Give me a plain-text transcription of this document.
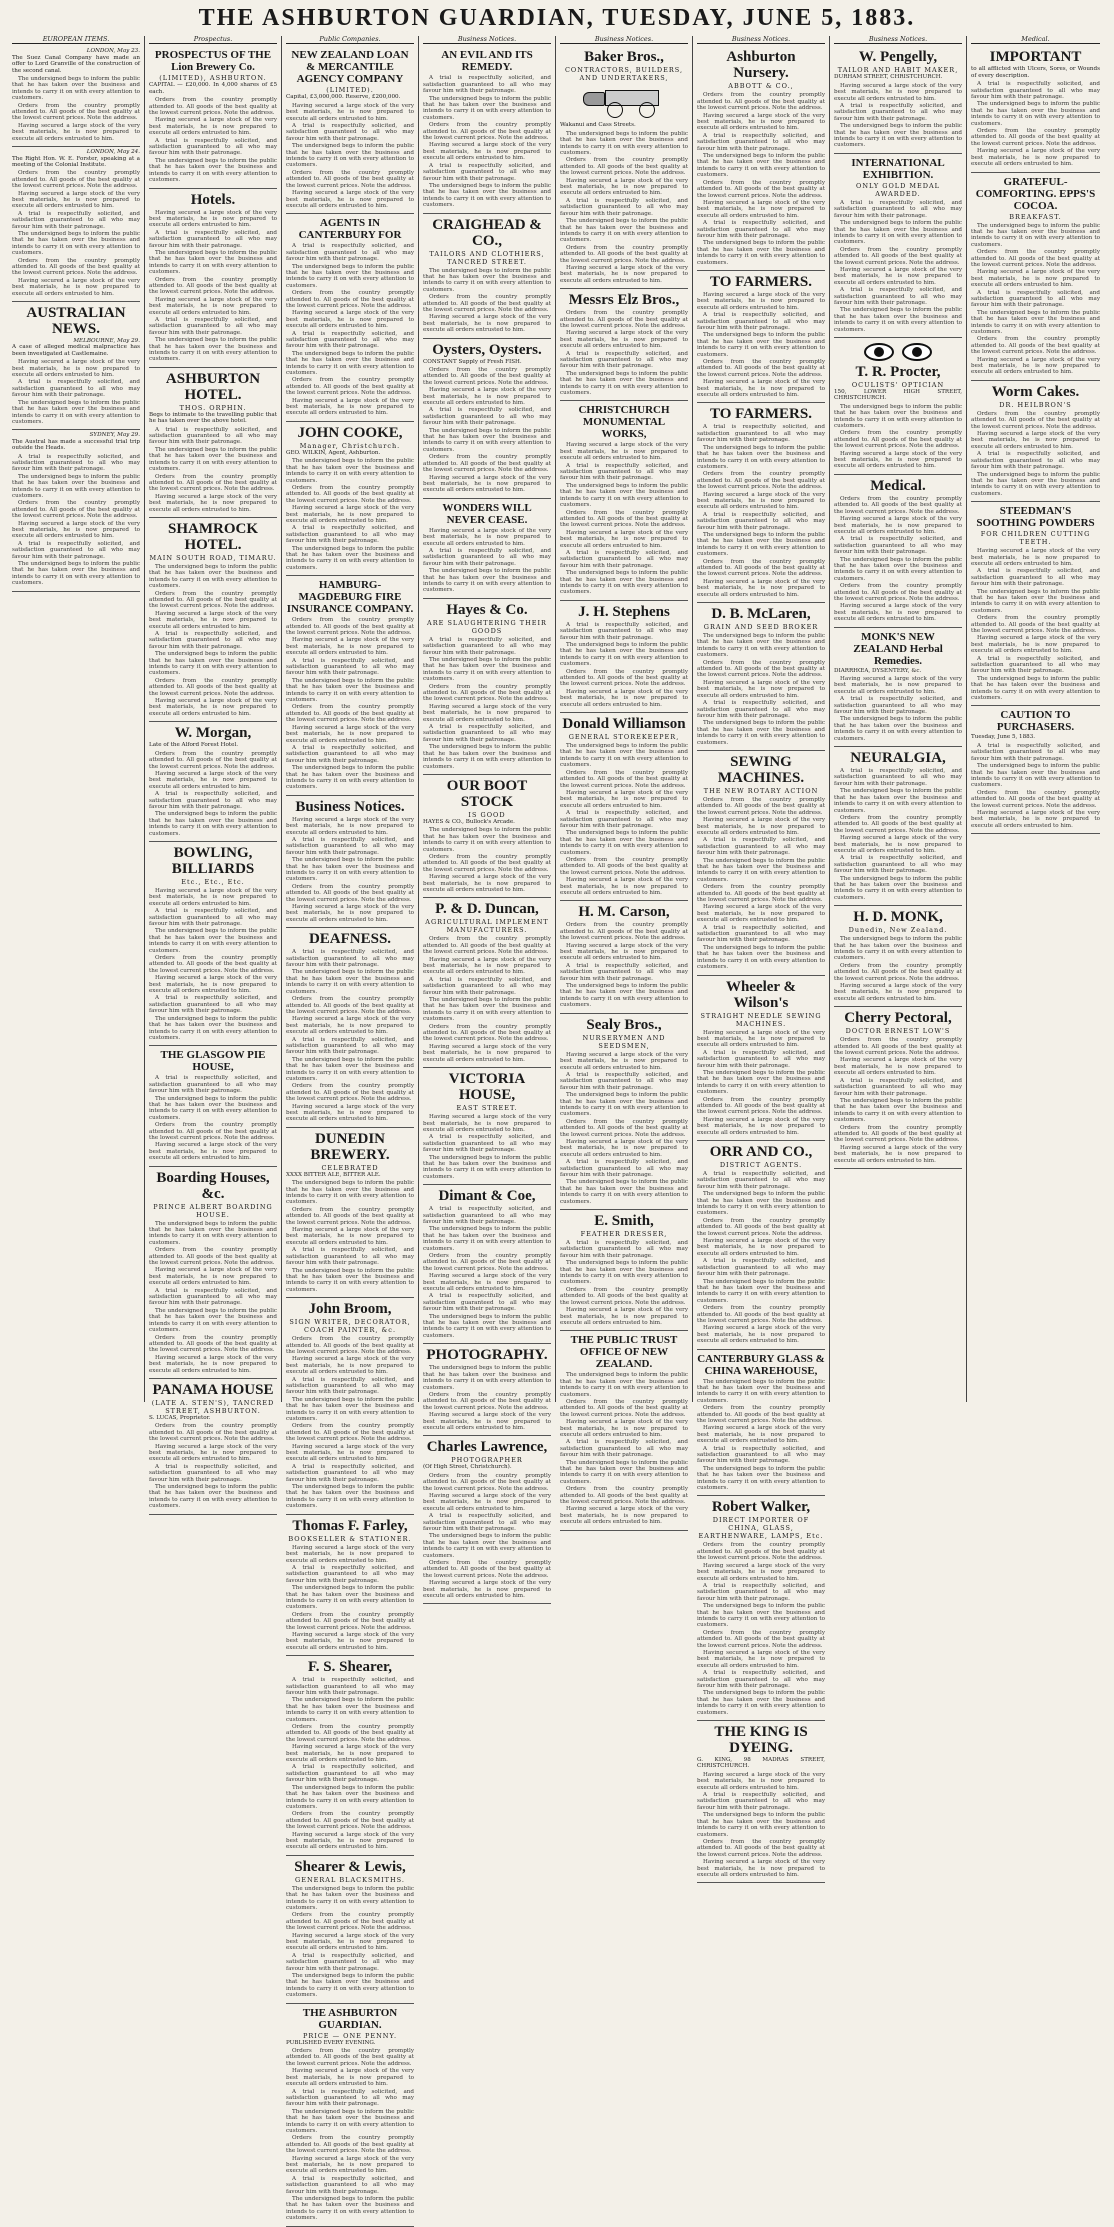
THE ASHBURTON GUARDIAN, TUESDAY, JUNE 5, 1883.
EUROPEAN ITEMS.
LONDON, May 23.
The Suez Canal Company have made an offer to Lord Granville of the construction of the second canal.

The undersigned begs to inform the public that he has taken over the business and intends to carry it on with every attention to customers.

Orders from the country promptly attended to. All goods of the best quality at the lowest current prices. Note the address.

Having secured a large stock of the very best materials, he is now prepared to execute all orders entrusted to him.

LONDON, May 24.
The Right Hon. W. E. Forster, speaking at a meeting of the Colonial Institute.

Orders from the country promptly attended to. All goods of the best quality at the lowest current prices. Note the address.

Having secured a large stock of the very best materials, he is now prepared to execute all orders entrusted to him.

A trial is respectfully solicited, and satisfaction guaranteed to all who may favour him with their patronage.

The undersigned begs to inform the public that he has taken over the business and intends to carry it on with every attention to customers.

Orders from the country promptly attended to. All goods of the best quality at the lowest current prices. Note the address.

Having secured a large stock of the very best materials, he is now prepared to execute all orders entrusted to him.

AUSTRALIAN NEWS.
MELBOURNE, May 29.
A case of alleged medical malpractice has been investigated at Castlemaine.

Having secured a large stock of the very best materials, he is now prepared to execute all orders entrusted to him.

A trial is respectfully solicited, and satisfaction guaranteed to all who may favour him with their patronage.

The undersigned begs to inform the public that he has taken over the business and intends to carry it on with every attention to customers.

SYDNEY, May 29.
The Austral has made a successful trial trip outside the Heads.

A trial is respectfully solicited, and satisfaction guaranteed to all who may favour him with their patronage.

The undersigned begs to inform the public that he has taken over the business and intends to carry it on with every attention to customers.

Orders from the country promptly attended to. All goods of the best quality at the lowest current prices. Note the address.

Having secured a large stock of the very best materials, he is now prepared to execute all orders entrusted to him.

A trial is respectfully solicited, and satisfaction guaranteed to all who may favour him with their patronage.

The undersigned begs to inform the public that he has taken over the business and intends to carry it on with every attention to customers.

Prospectus.
PROSPECTUS OF THE Lion Brewery Co.
(LIMITED), ASHBURTON.
CAPITAL — £20,000. In 4,000 shares of £5 each.

Orders from the country promptly attended to. All goods of the best quality at the lowest current prices. Note the address.

Having secured a large stock of the very best materials, he is now prepared to execute all orders entrusted to him.

A trial is respectfully solicited, and satisfaction guaranteed to all who may favour him with their patronage.

The undersigned begs to inform the public that he has taken over the business and intends to carry it on with every attention to customers.

Hotels.

Having secured a large stock of the very best materials, he is now prepared to execute all orders entrusted to him.

A trial is respectfully solicited, and satisfaction guaranteed to all who may favour him with their patronage.

The undersigned begs to inform the public that he has taken over the business and intends to carry it on with every attention to customers.

Orders from the country promptly attended to. All goods of the best quality at the lowest current prices. Note the address.

Having secured a large stock of the very best materials, he is now prepared to execute all orders entrusted to him.

A trial is respectfully solicited, and satisfaction guaranteed to all who may favour him with their patronage.

The undersigned begs to inform the public that he has taken over the business and intends to carry it on with every attention to customers.

ASHBURTON HOTEL.
THOS. ORPHIN.
Begs to intimate to the travelling public that he has taken over the above hotel.

A trial is respectfully solicited, and satisfaction guaranteed to all who may favour him with their patronage.

The undersigned begs to inform the public that he has taken over the business and intends to carry it on with every attention to customers.

Orders from the country promptly attended to. All goods of the best quality at the lowest current prices. Note the address.

Having secured a large stock of the very best materials, he is now prepared to execute all orders entrusted to him.

SHAMROCK HOTEL.
MAIN SOUTH ROAD, TIMARU.

The undersigned begs to inform the public that he has taken over the business and intends to carry it on with every attention to customers.

Orders from the country promptly attended to. All goods of the best quality at the lowest current prices. Note the address.

Having secured a large stock of the very best materials, he is now prepared to execute all orders entrusted to him.

A trial is respectfully solicited, and satisfaction guaranteed to all who may favour him with their patronage.

The undersigned begs to inform the public that he has taken over the business and intends to carry it on with every attention to customers.

Orders from the country promptly attended to. All goods of the best quality at the lowest current prices. Note the address.

Having secured a large stock of the very best materials, he is now prepared to execute all orders entrusted to him.

W. Morgan,
Late of the Alford Forest Hotel.

Orders from the country promptly attended to. All goods of the best quality at the lowest current prices. Note the address.

Having secured a large stock of the very best materials, he is now prepared to execute all orders entrusted to him.

A trial is respectfully solicited, and satisfaction guaranteed to all who may favour him with their patronage.

The undersigned begs to inform the public that he has taken over the business and intends to carry it on with every attention to customers.

BOWLING, BILLIARDS
Etc., Etc., Etc.

Having secured a large stock of the very best materials, he is now prepared to execute all orders entrusted to him.

A trial is respectfully solicited, and satisfaction guaranteed to all who may favour him with their patronage.

The undersigned begs to inform the public that he has taken over the business and intends to carry it on with every attention to customers.

Orders from the country promptly attended to. All goods of the best quality at the lowest current prices. Note the address.

Having secured a large stock of the very best materials, he is now prepared to execute all orders entrusted to him.

A trial is respectfully solicited, and satisfaction guaranteed to all who may favour him with their patronage.

The undersigned begs to inform the public that he has taken over the business and intends to carry it on with every attention to customers.

THE GLASGOW PIE HOUSE,

A trial is respectfully solicited, and satisfaction guaranteed to all who may favour him with their patronage.

The undersigned begs to inform the public that he has taken over the business and intends to carry it on with every attention to customers.

Orders from the country promptly attended to. All goods of the best quality at the lowest current prices. Note the address.

Having secured a large stock of the very best materials, he is now prepared to execute all orders entrusted to him.

Boarding Houses, &c.
PRINCE ALBERT BOARDING HOUSE.

The undersigned begs to inform the public that he has taken over the business and intends to carry it on with every attention to customers.

Orders from the country promptly attended to. All goods of the best quality at the lowest current prices. Note the address.

Having secured a large stock of the very best materials, he is now prepared to execute all orders entrusted to him.

A trial is respectfully solicited, and satisfaction guaranteed to all who may favour him with their patronage.

The undersigned begs to inform the public that he has taken over the business and intends to carry it on with every attention to customers.

Orders from the country promptly attended to. All goods of the best quality at the lowest current prices. Note the address.

Having secured a large stock of the very best materials, he is now prepared to execute all orders entrusted to him.

PANAMA HOUSE
(LATE A. STEN'S), TANCRED STREET, ASHBURTON.
S. LUCAS, Proprietor.

Orders from the country promptly attended to. All goods of the best quality at the lowest current prices. Note the address.

Having secured a large stock of the very best materials, he is now prepared to execute all orders entrusted to him.

A trial is respectfully solicited, and satisfaction guaranteed to all who may favour him with their patronage.

The undersigned begs to inform the public that he has taken over the business and intends to carry it on with every attention to customers.

Public Companies.
NEW ZEALAND LOAN & MERCANTILE AGENCY COMPANY
(LIMITED).
Capital, £3,000,000. Reserve, £200,000.

Having secured a large stock of the very best materials, he is now prepared to execute all orders entrusted to him.

A trial is respectfully solicited, and satisfaction guaranteed to all who may favour him with their patronage.

The undersigned begs to inform the public that he has taken over the business and intends to carry it on with every attention to customers.

Orders from the country promptly attended to. All goods of the best quality at the lowest current prices. Note the address.

Having secured a large stock of the very best materials, he is now prepared to execute all orders entrusted to him.

AGENTS IN CANTERBURY FOR

A trial is respectfully solicited, and satisfaction guaranteed to all who may favour him with their patronage.

The undersigned begs to inform the public that he has taken over the business and intends to carry it on with every attention to customers.

Orders from the country promptly attended to. All goods of the best quality at the lowest current prices. Note the address.

Having secured a large stock of the very best materials, he is now prepared to execute all orders entrusted to him.

A trial is respectfully solicited, and satisfaction guaranteed to all who may favour him with their patronage.

The undersigned begs to inform the public that he has taken over the business and intends to carry it on with every attention to customers.

Orders from the country promptly attended to. All goods of the best quality at the lowest current prices. Note the address.

Having secured a large stock of the very best materials, he is now prepared to execute all orders entrusted to him.

JOHN COOKE,
Manager, Christchurch.
GEO. WILKIN, Agent, Ashburton.

The undersigned begs to inform the public that he has taken over the business and intends to carry it on with every attention to customers.

Orders from the country promptly attended to. All goods of the best quality at the lowest current prices. Note the address.

Having secured a large stock of the very best materials, he is now prepared to execute all orders entrusted to him.

A trial is respectfully solicited, and satisfaction guaranteed to all who may favour him with their patronage.

The undersigned begs to inform the public that he has taken over the business and intends to carry it on with every attention to customers.

HAMBURG-MAGDEBURG FIRE INSURANCE COMPANY.

Orders from the country promptly attended to. All goods of the best quality at the lowest current prices. Note the address.

Having secured a large stock of the very best materials, he is now prepared to execute all orders entrusted to him.

A trial is respectfully solicited, and satisfaction guaranteed to all who may favour him with their patronage.

The undersigned begs to inform the public that he has taken over the business and intends to carry it on with every attention to customers.

Orders from the country promptly attended to. All goods of the best quality at the lowest current prices. Note the address.

Having secured a large stock of the very best materials, he is now prepared to execute all orders entrusted to him.

A trial is respectfully solicited, and satisfaction guaranteed to all who may favour him with their patronage.

The undersigned begs to inform the public that he has taken over the business and intends to carry it on with every attention to customers.

Business Notices.

Having secured a large stock of the very best materials, he is now prepared to execute all orders entrusted to him.

A trial is respectfully solicited, and satisfaction guaranteed to all who may favour him with their patronage.

The undersigned begs to inform the public that he has taken over the business and intends to carry it on with every attention to customers.

Orders from the country promptly attended to. All goods of the best quality at the lowest current prices. Note the address.

Having secured a large stock of the very best materials, he is now prepared to execute all orders entrusted to him.

DEAFNESS.

A trial is respectfully solicited, and satisfaction guaranteed to all who may favour him with their patronage.

The undersigned begs to inform the public that he has taken over the business and intends to carry it on with every attention to customers.

Orders from the country promptly attended to. All goods of the best quality at the lowest current prices. Note the address.

Having secured a large stock of the very best materials, he is now prepared to execute all orders entrusted to him.

A trial is respectfully solicited, and satisfaction guaranteed to all who may favour him with their patronage.

The undersigned begs to inform the public that he has taken over the business and intends to carry it on with every attention to customers.

Orders from the country promptly attended to. All goods of the best quality at the lowest current prices. Note the address.

Having secured a large stock of the very best materials, he is now prepared to execute all orders entrusted to him.

DUNEDIN BREWERY.
CELEBRATED
XXXX BITTER ALE, BITTER ALE.

The undersigned begs to inform the public that he has taken over the business and intends to carry it on with every attention to customers.

Orders from the country promptly attended to. All goods of the best quality at the lowest current prices. Note the address.

Having secured a large stock of the very best materials, he is now prepared to execute all orders entrusted to him.

A trial is respectfully solicited, and satisfaction guaranteed to all who may favour him with their patronage.

The undersigned begs to inform the public that he has taken over the business and intends to carry it on with every attention to customers.

John Broom,
SIGN WRITER, DECORATOR, COACH PAINTER, &c.

Orders from the country promptly attended to. All goods of the best quality at the lowest current prices. Note the address.

Having secured a large stock of the very best materials, he is now prepared to execute all orders entrusted to him.

A trial is respectfully solicited, and satisfaction guaranteed to all who may favour him with their patronage.

The undersigned begs to inform the public that he has taken over the business and intends to carry it on with every attention to customers.

Orders from the country promptly attended to. All goods of the best quality at the lowest current prices. Note the address.

Having secured a large stock of the very best materials, he is now prepared to execute all orders entrusted to him.

A trial is respectfully solicited, and satisfaction guaranteed to all who may favour him with their patronage.

The undersigned begs to inform the public that he has taken over the business and intends to carry it on with every attention to customers.

Thomas F. Farley,
BOOKSELLER & STATIONER.

Having secured a large stock of the very best materials, he is now prepared to execute all orders entrusted to him.

A trial is respectfully solicited, and satisfaction guaranteed to all who may favour him with their patronage.

The undersigned begs to inform the public that he has taken over the business and intends to carry it on with every attention to customers.

Orders from the country promptly attended to. All goods of the best quality at the lowest current prices. Note the address.

Having secured a large stock of the very best materials, he is now prepared to execute all orders entrusted to him.

F. S. Shearer,

A trial is respectfully solicited, and satisfaction guaranteed to all who may favour him with their patronage.

The undersigned begs to inform the public that he has taken over the business and intends to carry it on with every attention to customers.

Orders from the country promptly attended to. All goods of the best quality at the lowest current prices. Note the address.

Having secured a large stock of the very best materials, he is now prepared to execute all orders entrusted to him.

A trial is respectfully solicited, and satisfaction guaranteed to all who may favour him with their patronage.

The undersigned begs to inform the public that he has taken over the business and intends to carry it on with every attention to customers.

Orders from the country promptly attended to. All goods of the best quality at the lowest current prices. Note the address.

Having secured a large stock of the very best materials, he is now prepared to execute all orders entrusted to him.

Shearer & Lewis,
GENERAL BLACKSMITHS.

The undersigned begs to inform the public that he has taken over the business and intends to carry it on with every attention to customers.

Orders from the country promptly attended to. All goods of the best quality at the lowest current prices. Note the address.

Having secured a large stock of the very best materials, he is now prepared to execute all orders entrusted to him.

A trial is respectfully solicited, and satisfaction guaranteed to all who may favour him with their patronage.

The undersigned begs to inform the public that he has taken over the business and intends to carry it on with every attention to customers.

THE ASHBURTON GUARDIAN.
PRICE — ONE PENNY.
PUBLISHED EVERY EVENING.

Orders from the country promptly attended to. All goods of the best quality at the lowest current prices. Note the address.

Having secured a large stock of the very best materials, he is now prepared to execute all orders entrusted to him.

A trial is respectfully solicited, and satisfaction guaranteed to all who may favour him with their patronage.

The undersigned begs to inform the public that he has taken over the business and intends to carry it on with every attention to customers.

Orders from the country promptly attended to. All goods of the best quality at the lowest current prices. Note the address.

Having secured a large stock of the very best materials, he is now prepared to execute all orders entrusted to him.

A trial is respectfully solicited, and satisfaction guaranteed to all who may favour him with their patronage.

The undersigned begs to inform the public that he has taken over the business and intends to carry it on with every attention to customers.

Business Notices.
AN EVIL AND ITS REMEDY.

A trial is respectfully solicited, and satisfaction guaranteed to all who may favour him with their patronage.

The undersigned begs to inform the public that he has taken over the business and intends to carry it on with every attention to customers.

Orders from the country promptly attended to. All goods of the best quality at the lowest current prices. Note the address.

Having secured a large stock of the very best materials, he is now prepared to execute all orders entrusted to him.

A trial is respectfully solicited, and satisfaction guaranteed to all who may favour him with their patronage.

The undersigned begs to inform the public that he has taken over the business and intends to carry it on with every attention to customers.

CRAIGHEAD & CO.,
TAILORS AND CLOTHIERS, TANCRED STREET.

The undersigned begs to inform the public that he has taken over the business and intends to carry it on with every attention to customers.

Orders from the country promptly attended to. All goods of the best quality at the lowest current prices. Note the address.

Having secured a large stock of the very best materials, he is now prepared to execute all orders entrusted to him.

Oysters, Oysters.
CONSTANT Supply of Fresh FISH.

Orders from the country promptly attended to. All goods of the best quality at the lowest current prices. Note the address.

Having secured a large stock of the very best materials, he is now prepared to execute all orders entrusted to him.

A trial is respectfully solicited, and satisfaction guaranteed to all who may favour him with their patronage.

The undersigned begs to inform the public that he has taken over the business and intends to carry it on with every attention to customers.

Orders from the country promptly attended to. All goods of the best quality at the lowest current prices. Note the address.

Having secured a large stock of the very best materials, he is now prepared to execute all orders entrusted to him.

WONDERS WILL NEVER CEASE.

Having secured a large stock of the very best materials, he is now prepared to execute all orders entrusted to him.

A trial is respectfully solicited, and satisfaction guaranteed to all who may favour him with their patronage.

The undersigned begs to inform the public that he has taken over the business and intends to carry it on with every attention to customers.

Hayes & Co.
ARE SLAUGHTERING THEIR GOODS

A trial is respectfully solicited, and satisfaction guaranteed to all who may favour him with their patronage.

The undersigned begs to inform the public that he has taken over the business and intends to carry it on with every attention to customers.

Orders from the country promptly attended to. All goods of the best quality at the lowest current prices. Note the address.

Having secured a large stock of the very best materials, he is now prepared to execute all orders entrusted to him.

A trial is respectfully solicited, and satisfaction guaranteed to all who may favour him with their patronage.

The undersigned begs to inform the public that he has taken over the business and intends to carry it on with every attention to customers.

OUR BOOT STOCK
IS GOOD
HAYES & CO., Bullock's Arcade.

The undersigned begs to inform the public that he has taken over the business and intends to carry it on with every attention to customers.

Orders from the country promptly attended to. All goods of the best quality at the lowest current prices. Note the address.

Having secured a large stock of the very best materials, he is now prepared to execute all orders entrusted to him.

P. & D. Duncan,
AGRICULTURAL IMPLEMENT MANUFACTURERS.

Orders from the country promptly attended to. All goods of the best quality at the lowest current prices. Note the address.

Having secured a large stock of the very best materials, he is now prepared to execute all orders entrusted to him.

A trial is respectfully solicited, and satisfaction guaranteed to all who may favour him with their patronage.

The undersigned begs to inform the public that he has taken over the business and intends to carry it on with every attention to customers.

Orders from the country promptly attended to. All goods of the best quality at the lowest current prices. Note the address.

Having secured a large stock of the very best materials, he is now prepared to execute all orders entrusted to him.

VICTORIA HOUSE,
EAST STREET.

Having secured a large stock of the very best materials, he is now prepared to execute all orders entrusted to him.

A trial is respectfully solicited, and satisfaction guaranteed to all who may favour him with their patronage.

The undersigned begs to inform the public that he has taken over the business and intends to carry it on with every attention to customers.

Dimant & Coe,

A trial is respectfully solicited, and satisfaction guaranteed to all who may favour him with their patronage.

The undersigned begs to inform the public that he has taken over the business and intends to carry it on with every attention to customers.

Orders from the country promptly attended to. All goods of the best quality at the lowest current prices. Note the address.

Having secured a large stock of the very best materials, he is now prepared to execute all orders entrusted to him.

A trial is respectfully solicited, and satisfaction guaranteed to all who may favour him with their patronage.

The undersigned begs to inform the public that he has taken over the business and intends to carry it on with every attention to customers.

PHOTOGRAPHY.

The undersigned begs to inform the public that he has taken over the business and intends to carry it on with every attention to customers.

Orders from the country promptly attended to. All goods of the best quality at the lowest current prices. Note the address.

Having secured a large stock of the very best materials, he is now prepared to execute all orders entrusted to him.

Charles Lawrence,
PHOTOGRAPHER
(Of High Street, Christchurch).

Orders from the country promptly attended to. All goods of the best quality at the lowest current prices. Note the address.

Having secured a large stock of the very best materials, he is now prepared to execute all orders entrusted to him.

A trial is respectfully solicited, and satisfaction guaranteed to all who may favour him with their patronage.

The undersigned begs to inform the public that he has taken over the business and intends to carry it on with every attention to customers.

Orders from the country promptly attended to. All goods of the best quality at the lowest current prices. Note the address.

Having secured a large stock of the very best materials, he is now prepared to execute all orders entrusted to him.

Business Notices.
Baker Bros.,
CONTRACTORS, BUILDERS, AND UNDERTAKERS,
Wakanui and Cass Streets.

The undersigned begs to inform the public that he has taken over the business and intends to carry it on with every attention to customers.

Orders from the country promptly attended to. All goods of the best quality at the lowest current prices. Note the address.

Having secured a large stock of the very best materials, he is now prepared to execute all orders entrusted to him.

A trial is respectfully solicited, and satisfaction guaranteed to all who may favour him with their patronage.

The undersigned begs to inform the public that he has taken over the business and intends to carry it on with every attention to customers.

Orders from the country promptly attended to. All goods of the best quality at the lowest current prices. Note the address.

Having secured a large stock of the very best materials, he is now prepared to execute all orders entrusted to him.

Messrs Elz Bros.,

Orders from the country promptly attended to. All goods of the best quality at the lowest current prices. Note the address.

Having secured a large stock of the very best materials, he is now prepared to execute all orders entrusted to him.

A trial is respectfully solicited, and satisfaction guaranteed to all who may favour him with their patronage.

The undersigned begs to inform the public that he has taken over the business and intends to carry it on with every attention to customers.

CHRISTCHURCH MONUMENTAL WORKS,

Having secured a large stock of the very best materials, he is now prepared to execute all orders entrusted to him.

A trial is respectfully solicited, and satisfaction guaranteed to all who may favour him with their patronage.

The undersigned begs to inform the public that he has taken over the business and intends to carry it on with every attention to customers.

Orders from the country promptly attended to. All goods of the best quality at the lowest current prices. Note the address.

Having secured a large stock of the very best materials, he is now prepared to execute all orders entrusted to him.

A trial is respectfully solicited, and satisfaction guaranteed to all who may favour him with their patronage.

The undersigned begs to inform the public that he has taken over the business and intends to carry it on with every attention to customers.

J. H. Stephens

A trial is respectfully solicited, and satisfaction guaranteed to all who may favour him with their patronage.

The undersigned begs to inform the public that he has taken over the business and intends to carry it on with every attention to customers.

Orders from the country promptly attended to. All goods of the best quality at the lowest current prices. Note the address.

Having secured a large stock of the very best materials, he is now prepared to execute all orders entrusted to him.

Donald Williamson
GENERAL STOREKEEPER,

The undersigned begs to inform the public that he has taken over the business and intends to carry it on with every attention to customers.

Orders from the country promptly attended to. All goods of the best quality at the lowest current prices. Note the address.

Having secured a large stock of the very best materials, he is now prepared to execute all orders entrusted to him.

A trial is respectfully solicited, and satisfaction guaranteed to all who may favour him with their patronage.

The undersigned begs to inform the public that he has taken over the business and intends to carry it on with every attention to customers.

Orders from the country promptly attended to. All goods of the best quality at the lowest current prices. Note the address.

Having secured a large stock of the very best materials, he is now prepared to execute all orders entrusted to him.

H. M. Carson,

Orders from the country promptly attended to. All goods of the best quality at the lowest current prices. Note the address.

Having secured a large stock of the very best materials, he is now prepared to execute all orders entrusted to him.

A trial is respectfully solicited, and satisfaction guaranteed to all who may favour him with their patronage.

The undersigned begs to inform the public that he has taken over the business and intends to carry it on with every attention to customers.

Sealy Bros.,
NURSERYMEN AND SEEDSMEN,

Having secured a large stock of the very best materials, he is now prepared to execute all orders entrusted to him.

A trial is respectfully solicited, and satisfaction guaranteed to all who may favour him with their patronage.

The undersigned begs to inform the public that he has taken over the business and intends to carry it on with every attention to customers.

Orders from the country promptly attended to. All goods of the best quality at the lowest current prices. Note the address.

Having secured a large stock of the very best materials, he is now prepared to execute all orders entrusted to him.

A trial is respectfully solicited, and satisfaction guaranteed to all who may favour him with their patronage.

The undersigned begs to inform the public that he has taken over the business and intends to carry it on with every attention to customers.

E. Smith,
FEATHER DRESSER,

A trial is respectfully solicited, and satisfaction guaranteed to all who may favour him with their patronage.

The undersigned begs to inform the public that he has taken over the business and intends to carry it on with every attention to customers.

Orders from the country promptly attended to. All goods of the best quality at the lowest current prices. Note the address.

Having secured a large stock of the very best materials, he is now prepared to execute all orders entrusted to him.

THE PUBLIC TRUST OFFICE OF NEW ZEALAND.

The undersigned begs to inform the public that he has taken over the business and intends to carry it on with every attention to customers.

Orders from the country promptly attended to. All goods of the best quality at the lowest current prices. Note the address.

Having secured a large stock of the very best materials, he is now prepared to execute all orders entrusted to him.

A trial is respectfully solicited, and satisfaction guaranteed to all who may favour him with their patronage.

The undersigned begs to inform the public that he has taken over the business and intends to carry it on with every attention to customers.

Orders from the country promptly attended to. All goods of the best quality at the lowest current prices. Note the address.

Having secured a large stock of the very best materials, he is now prepared to execute all orders entrusted to him.

Business Notices.
Ashburton Nursery.
ABBOTT & CO.,

Orders from the country promptly attended to. All goods of the best quality at the lowest current prices. Note the address.

Having secured a large stock of the very best materials, he is now prepared to execute all orders entrusted to him.

A trial is respectfully solicited, and satisfaction guaranteed to all who may favour him with their patronage.

The undersigned begs to inform the public that he has taken over the business and intends to carry it on with every attention to customers.

Orders from the country promptly attended to. All goods of the best quality at the lowest current prices. Note the address.

Having secured a large stock of the very best materials, he is now prepared to execute all orders entrusted to him.

A trial is respectfully solicited, and satisfaction guaranteed to all who may favour him with their patronage.

The undersigned begs to inform the public that he has taken over the business and intends to carry it on with every attention to customers.

TO FARMERS.

Having secured a large stock of the very best materials, he is now prepared to execute all orders entrusted to him.

A trial is respectfully solicited, and satisfaction guaranteed to all who may favour him with their patronage.

The undersigned begs to inform the public that he has taken over the business and intends to carry it on with every attention to customers.

Orders from the country promptly attended to. All goods of the best quality at the lowest current prices. Note the address.

Having secured a large stock of the very best materials, he is now prepared to execute all orders entrusted to him.

TO FARMERS.

A trial is respectfully solicited, and satisfaction guaranteed to all who may favour him with their patronage.

The undersigned begs to inform the public that he has taken over the business and intends to carry it on with every attention to customers.

Orders from the country promptly attended to. All goods of the best quality at the lowest current prices. Note the address.

Having secured a large stock of the very best materials, he is now prepared to execute all orders entrusted to him.

A trial is respectfully solicited, and satisfaction guaranteed to all who may favour him with their patronage.

The undersigned begs to inform the public that he has taken over the business and intends to carry it on with every attention to customers.

Orders from the country promptly attended to. All goods of the best quality at the lowest current prices. Note the address.

Having secured a large stock of the very best materials, he is now prepared to execute all orders entrusted to him.

D. B. McLaren,
GRAIN AND SEED BROKER

The undersigned begs to inform the public that he has taken over the business and intends to carry it on with every attention to customers.

Orders from the country promptly attended to. All goods of the best quality at the lowest current prices. Note the address.

Having secured a large stock of the very best materials, he is now prepared to execute all orders entrusted to him.

A trial is respectfully solicited, and satisfaction guaranteed to all who may favour him with their patronage.

The undersigned begs to inform the public that he has taken over the business and intends to carry it on with every attention to customers.

SEWING MACHINES.
THE NEW ROTARY ACTION

Orders from the country promptly attended to. All goods of the best quality at the lowest current prices. Note the address.

Having secured a large stock of the very best materials, he is now prepared to execute all orders entrusted to him.

A trial is respectfully solicited, and satisfaction guaranteed to all who may favour him with their patronage.

The undersigned begs to inform the public that he has taken over the business and intends to carry it on with every attention to customers.

Orders from the country promptly attended to. All goods of the best quality at the lowest current prices. Note the address.

Having secured a large stock of the very best materials, he is now prepared to execute all orders entrusted to him.

A trial is respectfully solicited, and satisfaction guaranteed to all who may favour him with their patronage.

The undersigned begs to inform the public that he has taken over the business and intends to carry it on with every attention to customers.

Wheeler & Wilson's
STRAIGHT NEEDLE SEWING MACHINES.

Having secured a large stock of the very best materials, he is now prepared to execute all orders entrusted to him.

A trial is respectfully solicited, and satisfaction guaranteed to all who may favour him with their patronage.

The undersigned begs to inform the public that he has taken over the business and intends to carry it on with every attention to customers.

Orders from the country promptly attended to. All goods of the best quality at the lowest current prices. Note the address.

Having secured a large stock of the very best materials, he is now prepared to execute all orders entrusted to him.

ORR AND CO.,
DISTRICT AGENTS.

A trial is respectfully solicited, and satisfaction guaranteed to all who may favour him with their patronage.

The undersigned begs to inform the public that he has taken over the business and intends to carry it on with every attention to customers.

Orders from the country promptly attended to. All goods of the best quality at the lowest current prices. Note the address.

Having secured a large stock of the very best materials, he is now prepared to execute all orders entrusted to him.

A trial is respectfully solicited, and satisfaction guaranteed to all who may favour him with their patronage.

The undersigned begs to inform the public that he has taken over the business and intends to carry it on with every attention to customers.

Orders from the country promptly attended to. All goods of the best quality at the lowest current prices. Note the address.

Having secured a large stock of the very best materials, he is now prepared to execute all orders entrusted to him.

CANTERBURY GLASS & CHINA WAREHOUSE,

The undersigned begs to inform the public that he has taken over the business and intends to carry it on with every attention to customers.

Orders from the country promptly attended to. All goods of the best quality at the lowest current prices. Note the address.

Having secured a large stock of the very best materials, he is now prepared to execute all orders entrusted to him.

A trial is respectfully solicited, and satisfaction guaranteed to all who may favour him with their patronage.

The undersigned begs to inform the public that he has taken over the business and intends to carry it on with every attention to customers.

Robert Walker,
DIRECT IMPORTER OF CHINA, GLASS, EARTHENWARE, LAMPS, Etc.

Orders from the country promptly attended to. All goods of the best quality at the lowest current prices. Note the address.

Having secured a large stock of the very best materials, he is now prepared to execute all orders entrusted to him.

A trial is respectfully solicited, and satisfaction guaranteed to all who may favour him with their patronage.

The undersigned begs to inform the public that he has taken over the business and intends to carry it on with every attention to customers.

Orders from the country promptly attended to. All goods of the best quality at the lowest current prices. Note the address.

Having secured a large stock of the very best materials, he is now prepared to execute all orders entrusted to him.

A trial is respectfully solicited, and satisfaction guaranteed to all who may favour him with their patronage.

The undersigned begs to inform the public that he has taken over the business and intends to carry it on with every attention to customers.

THE KING IS DYEING.
G. KING, 98 MADRAS STREET, CHRISTCHURCH.

Having secured a large stock of the very best materials, he is now prepared to execute all orders entrusted to him.

A trial is respectfully solicited, and satisfaction guaranteed to all who may favour him with their patronage.

The undersigned begs to inform the public that he has taken over the business and intends to carry it on with every attention to customers.

Orders from the country promptly attended to. All goods of the best quality at the lowest current prices. Note the address.

Having secured a large stock of the very best materials, he is now prepared to execute all orders entrusted to him.

Business Notices.
W. Pengelly,
TAILOR AND HABIT MAKER,
DURHAM STREET, CHRISTCHURCH.

Having secured a large stock of the very best materials, he is now prepared to execute all orders entrusted to him.

A trial is respectfully solicited, and satisfaction guaranteed to all who may favour him with their patronage.

The undersigned begs to inform the public that he has taken over the business and intends to carry it on with every attention to customers.

INTERNATIONAL EXHIBITION.
ONLY GOLD MEDAL AWARDED.

A trial is respectfully solicited, and satisfaction guaranteed to all who may favour him with their patronage.

The undersigned begs to inform the public that he has taken over the business and intends to carry it on with every attention to customers.

Orders from the country promptly attended to. All goods of the best quality at the lowest current prices. Note the address.

Having secured a large stock of the very best materials, he is now prepared to execute all orders entrusted to him.

A trial is respectfully solicited, and satisfaction guaranteed to all who may favour him with their patronage.

The undersigned begs to inform the public that he has taken over the business and intends to carry it on with every attention to customers.

T. R. Procter,
OCULISTS' OPTICIAN
150, LOWER HIGH STREET, CHRISTCHURCH.

The undersigned begs to inform the public that he has taken over the business and intends to carry it on with every attention to customers.

Orders from the country promptly attended to. All goods of the best quality at the lowest current prices. Note the address.

Having secured a large stock of the very best materials, he is now prepared to execute all orders entrusted to him.

Medical.

Orders from the country promptly attended to. All goods of the best quality at the lowest current prices. Note the address.

Having secured a large stock of the very best materials, he is now prepared to execute all orders entrusted to him.

A trial is respectfully solicited, and satisfaction guaranteed to all who may favour him with their patronage.

The undersigned begs to inform the public that he has taken over the business and intends to carry it on with every attention to customers.

Orders from the country promptly attended to. All goods of the best quality at the lowest current prices. Note the address.

Having secured a large stock of the very best materials, he is now prepared to execute all orders entrusted to him.

MONK'S NEW ZEALAND Herbal Remedies.
DIARRHŒA, DYSENTERY, &c.

Having secured a large stock of the very best materials, he is now prepared to execute all orders entrusted to him.

A trial is respectfully solicited, and satisfaction guaranteed to all who may favour him with their patronage.

The undersigned begs to inform the public that he has taken over the business and intends to carry it on with every attention to customers.

NEURALGIA,

A trial is respectfully solicited, and satisfaction guaranteed to all who may favour him with their patronage.

The undersigned begs to inform the public that he has taken over the business and intends to carry it on with every attention to customers.

Orders from the country promptly attended to. All goods of the best quality at the lowest current prices. Note the address.

Having secured a large stock of the very best materials, he is now prepared to execute all orders entrusted to him.

A trial is respectfully solicited, and satisfaction guaranteed to all who may favour him with their patronage.

The undersigned begs to inform the public that he has taken over the business and intends to carry it on with every attention to customers.

H. D. MONK,
Dunedin, New Zealand.

The undersigned begs to inform the public that he has taken over the business and intends to carry it on with every attention to customers.

Orders from the country promptly attended to. All goods of the best quality at the lowest current prices. Note the address.

Having secured a large stock of the very best materials, he is now prepared to execute all orders entrusted to him.

Cherry Pectoral,
DOCTOR ERNEST LOW'S

Orders from the country promptly attended to. All goods of the best quality at the lowest current prices. Note the address.

Having secured a large stock of the very best materials, he is now prepared to execute all orders entrusted to him.

A trial is respectfully solicited, and satisfaction guaranteed to all who may favour him with their patronage.

The undersigned begs to inform the public that he has taken over the business and intends to carry it on with every attention to customers.

Orders from the country promptly attended to. All goods of the best quality at the lowest current prices. Note the address.

Having secured a large stock of the very best materials, he is now prepared to execute all orders entrusted to him.

Medical.
IMPORTANT
to all afflicted with Ulcers, Sores, or Wounds of every description.

A trial is respectfully solicited, and satisfaction guaranteed to all who may favour him with their patronage.

The undersigned begs to inform the public that he has taken over the business and intends to carry it on with every attention to customers.

Orders from the country promptly attended to. All goods of the best quality at the lowest current prices. Note the address.

Having secured a large stock of the very best materials, he is now prepared to execute all orders entrusted to him.

GRATEFUL-COMFORTING. EPPS'S COCOA.
BREAKFAST.

The undersigned begs to inform the public that he has taken over the business and intends to carry it on with every attention to customers.

Orders from the country promptly attended to. All goods of the best quality at the lowest current prices. Note the address.

Having secured a large stock of the very best materials, he is now prepared to execute all orders entrusted to him.

A trial is respectfully solicited, and satisfaction guaranteed to all who may favour him with their patronage.

The undersigned begs to inform the public that he has taken over the business and intends to carry it on with every attention to customers.

Orders from the country promptly attended to. All goods of the best quality at the lowest current prices. Note the address.

Having secured a large stock of the very best materials, he is now prepared to execute all orders entrusted to him.

Worm Cakes.
DR. HEILBRON'S

Orders from the country promptly attended to. All goods of the best quality at the lowest current prices. Note the address.

Having secured a large stock of the very best materials, he is now prepared to execute all orders entrusted to him.

A trial is respectfully solicited, and satisfaction guaranteed to all who may favour him with their patronage.

The undersigned begs to inform the public that he has taken over the business and intends to carry it on with every attention to customers.

STEEDMAN'S SOOTHING POWDERS
FOR CHILDREN CUTTING TEETH.

Having secured a large stock of the very best materials, he is now prepared to execute all orders entrusted to him.

A trial is respectfully solicited, and satisfaction guaranteed to all who may favour him with their patronage.

The undersigned begs to inform the public that he has taken over the business and intends to carry it on with every attention to customers.

Orders from the country promptly attended to. All goods of the best quality at the lowest current prices. Note the address.

Having secured a large stock of the very best materials, he is now prepared to execute all orders entrusted to him.

A trial is respectfully solicited, and satisfaction guaranteed to all who may favour him with their patronage.

The undersigned begs to inform the public that he has taken over the business and intends to carry it on with every attention to customers.

CAUTION TO PURCHASERS.
Tuesday, June 5, 1883.

A trial is respectfully solicited, and satisfaction guaranteed to all who may favour him with their patronage.

The undersigned begs to inform the public that he has taken over the business and intends to carry it on with every attention to customers.

Orders from the country promptly attended to. All goods of the best quality at the lowest current prices. Note the address.

Having secured a large stock of the very best materials, he is now prepared to execute all orders entrusted to him.
